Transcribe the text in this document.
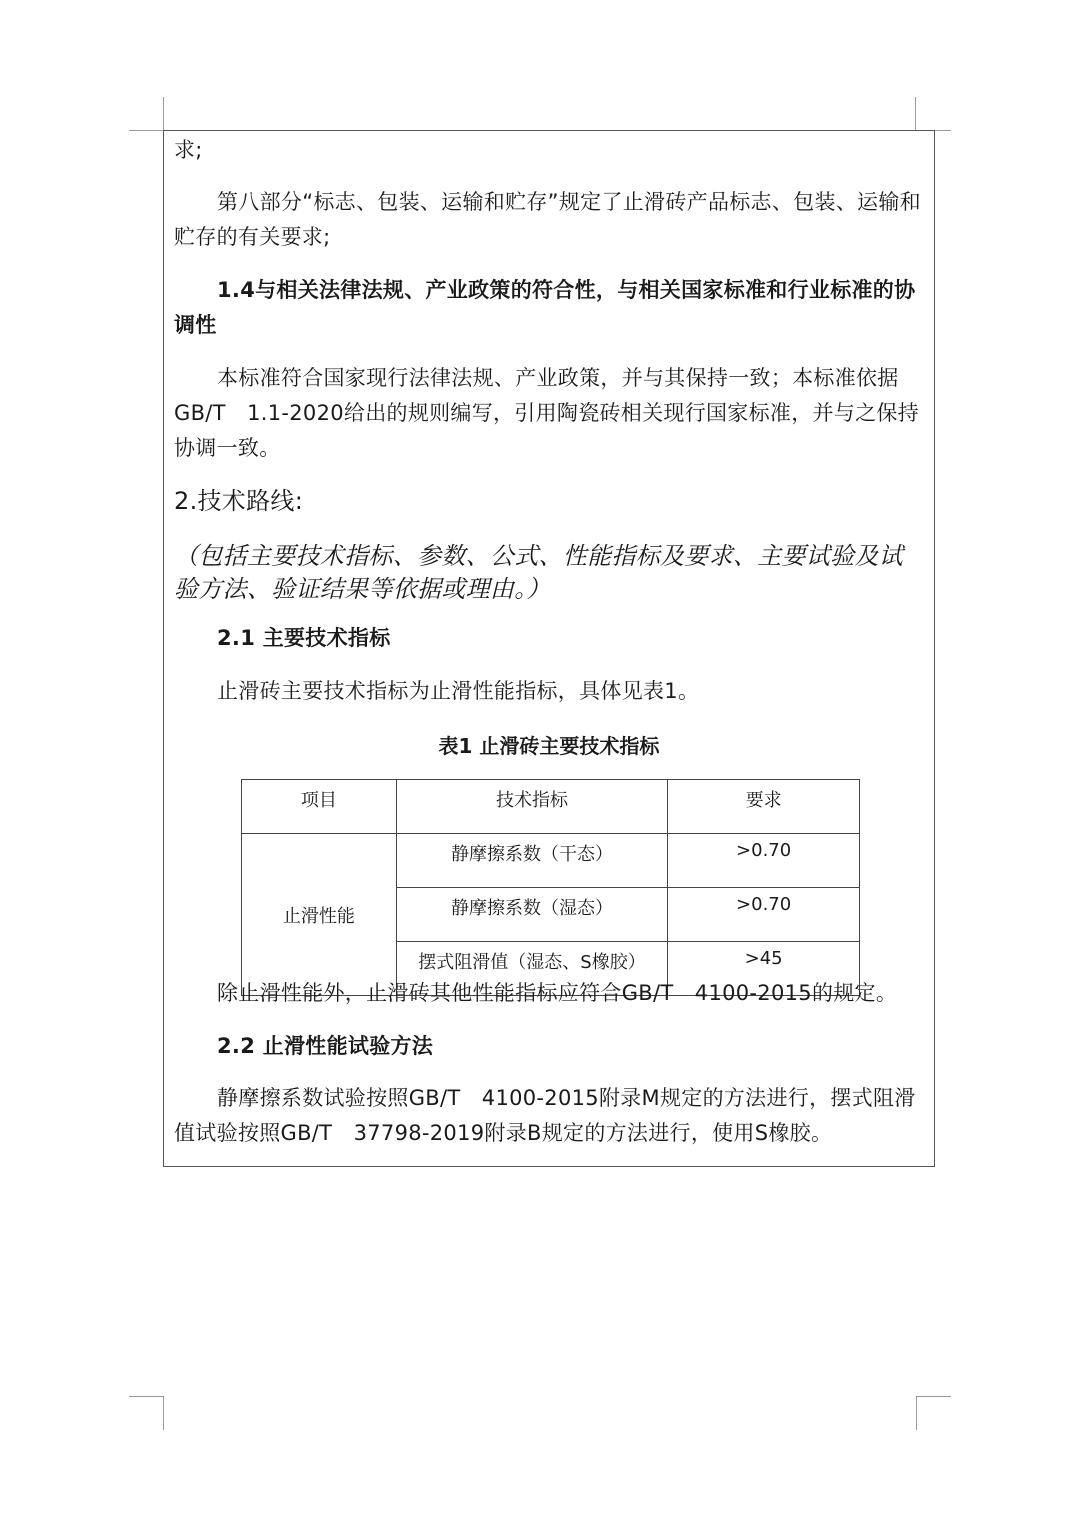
求;
第八部分“标志、包装、运输和贮存”规定了止滑砖产品标志、包装、运输和贮存的有关要求;
1.4与相关法律法规、产业政策的符合性，与相关国家标准和行业标准的协调性
本标准符合国家现行法律法规、产业政策，并与其保持一致；本标准依据GB/T　1.1-2020给出的规则编写，引用陶瓷砖相关现行国家标准，并与之保持协调一致。
2.技术路线:
（包括主要技术指标、参数、公式、性能指标及要求、主要试验及试验方法、验证结果等依据或理由。）
2.1 主要技术指标
止滑砖主要技术指标为止滑性能指标，具体见表1。
表1 止滑砖主要技术指标
项目	技术指标	要求
止滑性能	静摩擦系数（干态）	>0.70
	静摩擦系数（湿态）	>0.70
	摆式阻滑值（湿态、S橡胶）	>45
除止滑性能外，止滑砖其他性能指标应符合GB/T　4100-2015的规定。
2.2 止滑性能试验方法
静摩擦系数试验按照GB/T　4100-2015附录M规定的方法进行，摆式阻滑值试验按照GB/T　37798-2019附录B规定的方法进行，使用S橡胶。
